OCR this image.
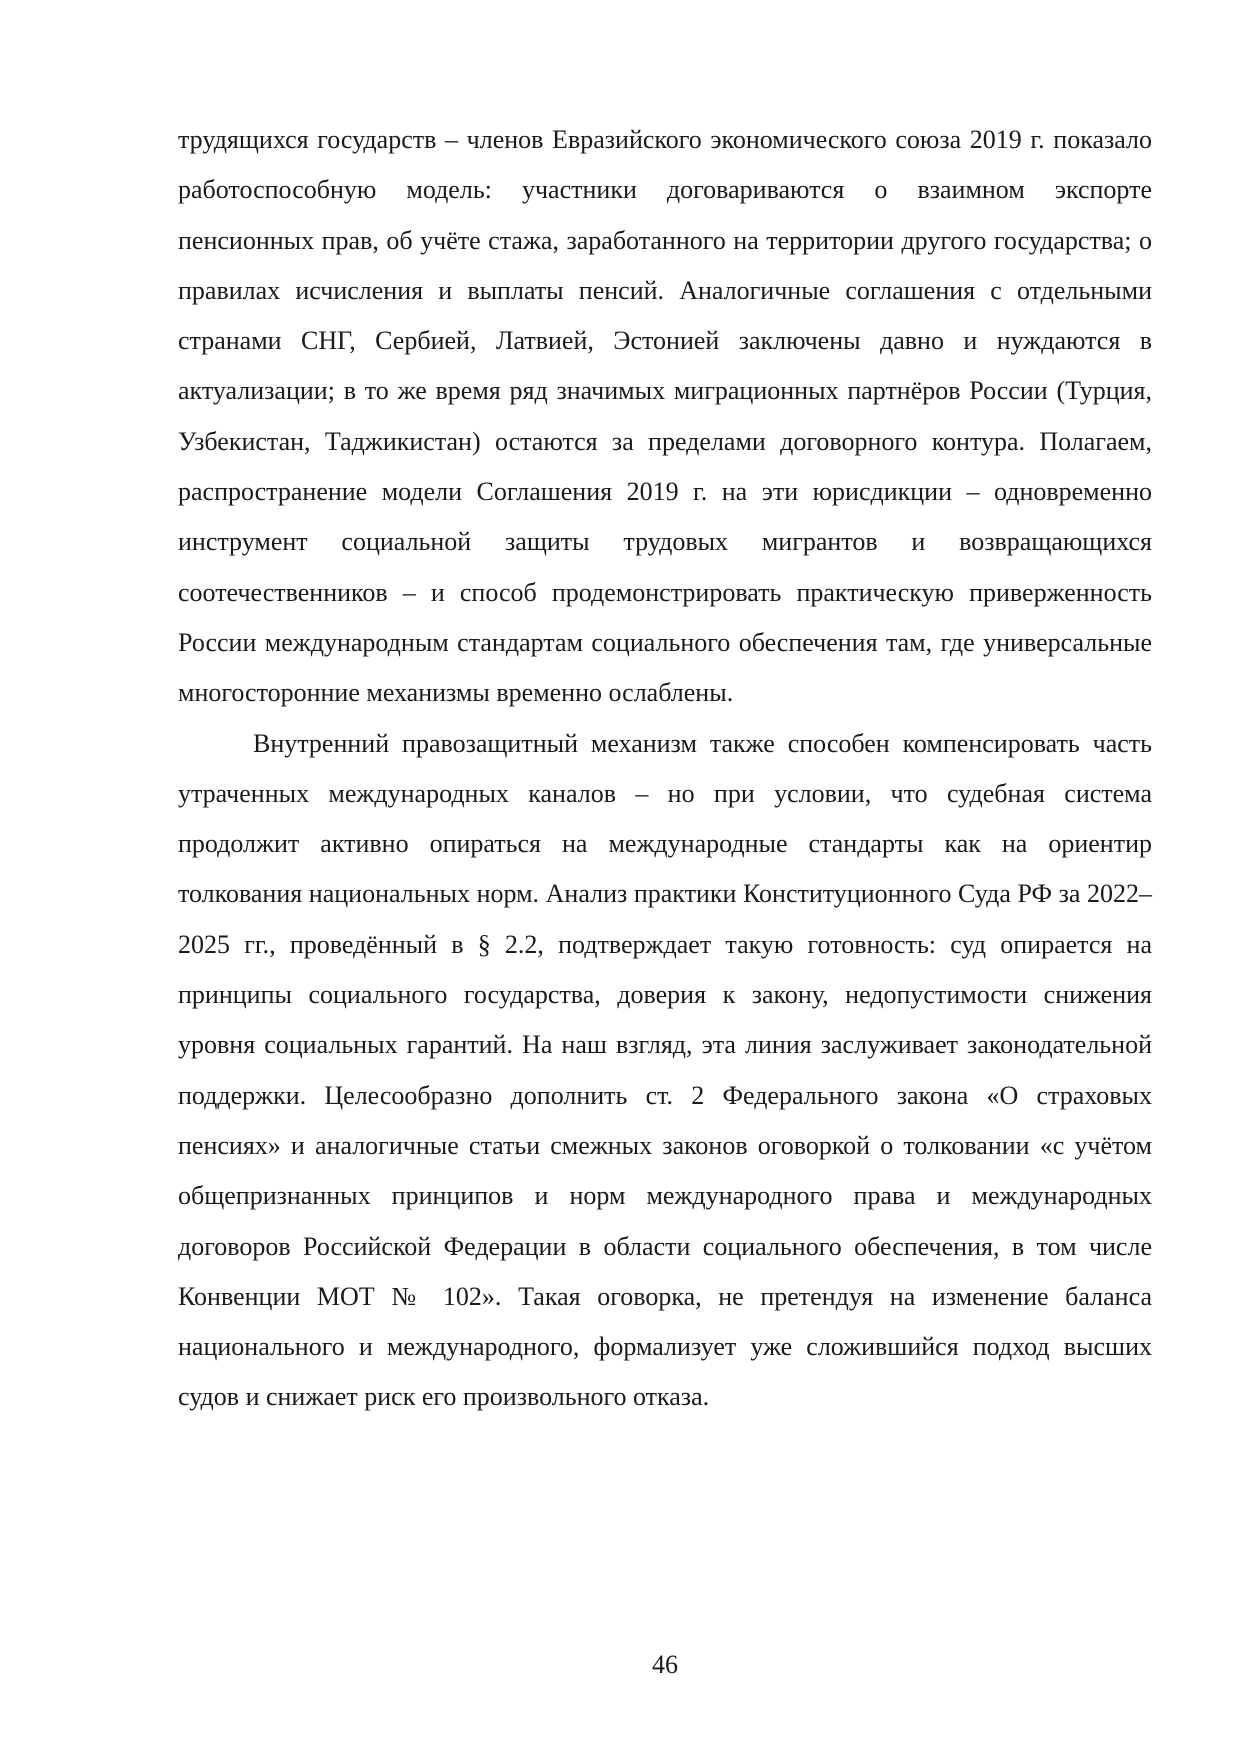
трудящихся государств – членов Евразийского экономического союза 2019 г. показало работоспособную модель: участники договариваются о взаимном экспорте пенсионных прав, об учёте стажа, заработанного на территории другого государства; о правилах исчисления и выплаты пенсий. Аналогичные соглашения с отдельными странами СНГ, Сербией, Латвией, Эстонией заключены давно и нуждаются в актуализации; в то же время ряд значимых миграционных партнёров России (Турция, Узбекистан, Таджикистан) остаются за пределами договорного контура. Полагаем, распространение модели Соглашения 2019 г. на эти юрисдикции – одновременно инструмент социальной защиты трудовых мигрантов и возвращающихся соотечественников – и способ продемонстрировать практическую приверженность России международным стандартам социального обеспечения там, где универсальные многосторонние механизмы временно ослаблены.

Внутренний правозащитный механизм также способен компенсировать часть утраченных международных каналов – но при условии, что судебная система продолжит активно опираться на международные стандарты как на ориентир толкования национальных норм. Анализ практики Конституционного Суда РФ за 2022–2025 гг., проведённый в § 2.2, подтверждает такую готовность: суд опирается на принципы социального государства, доверия к закону, недопустимости снижения уровня социальных гарантий. На наш взгляд, эта линия заслуживает законодательной поддержки. Целесообразно дополнить ст. 2 Федерального закона «О страховых пенсиях» и аналогичные статьи смежных законов оговоркой о толковании «с учётом общепризнанных принципов и норм международного права и международных договоров Российской Федерации в области социального обеспечения, в том числе Конвенции МОТ № 102». Такая оговорка, не претендуя на изменение баланса национального и международного, формализует уже сложившийся подход высших судов и снижает риск его произвольного отказа.

46
